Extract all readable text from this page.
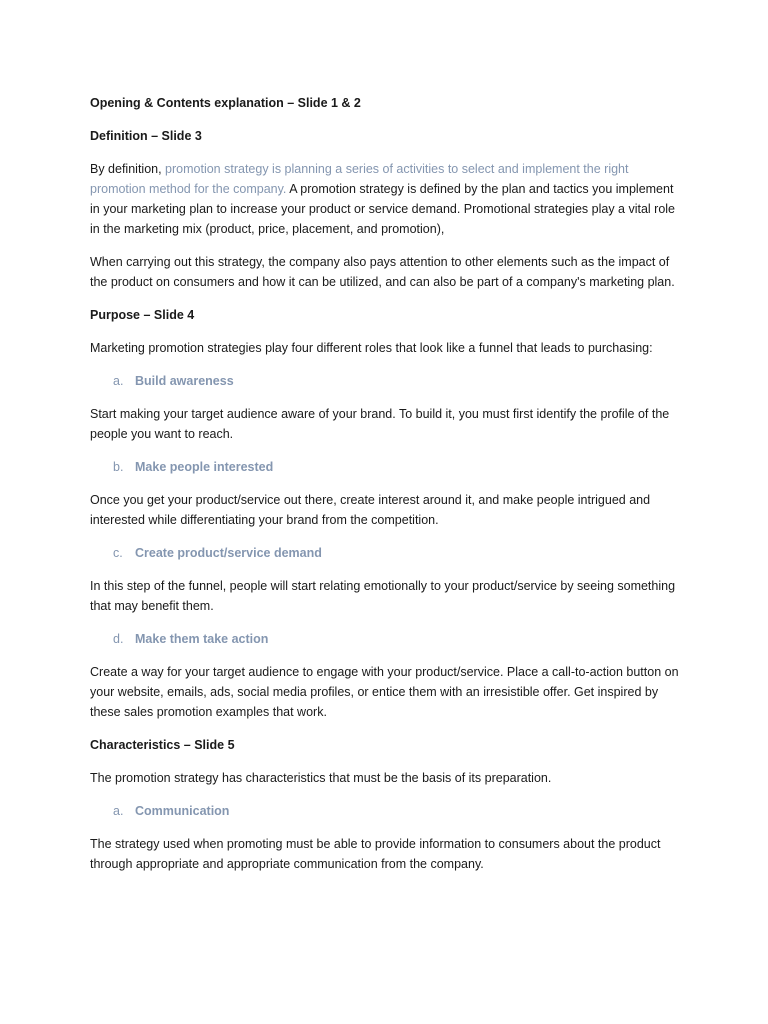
Opening & Contents explanation – Slide 1 & 2

Definition – Slide 3

By definition, promotion strategy is planning a series of activities to select and implement the right promotion method for the company. A promotion strategy is defined by the plan and tactics you implement in your marketing plan to increase your product or service demand. Promotional strategies play a vital role in the marketing mix (product, price, placement, and promotion),

When carrying out this strategy, the company also pays attention to other elements such as the impact of the product on consumers and how it can be utilized, and can also be part of a company's marketing plan.

Purpose – Slide 4

Marketing promotion strategies play four different roles that look like a funnel that leads to purchasing:

a. Build awareness

Start making your target audience aware of your brand. To build it, you must first identify the profile of the people you want to reach.

b. Make people interested

Once you get your product/service out there, create interest around it, and make people intrigued and interested while differentiating your brand from the competition.

c. Create product/service demand

In this step of the funnel, people will start relating emotionally to your product/service by seeing something that may benefit them.

d. Make them take action

Create a way for your target audience to engage with your product/service. Place a call-to-action button on your website, emails, ads, social media profiles, or entice them with an irresistible offer. Get inspired by these sales promotion examples that work.

Characteristics – Slide 5

The promotion strategy has characteristics that must be the basis of its preparation.

a. Communication

The strategy used when promoting must be able to provide information to consumers about the product through appropriate and appropriate communication from the company.
